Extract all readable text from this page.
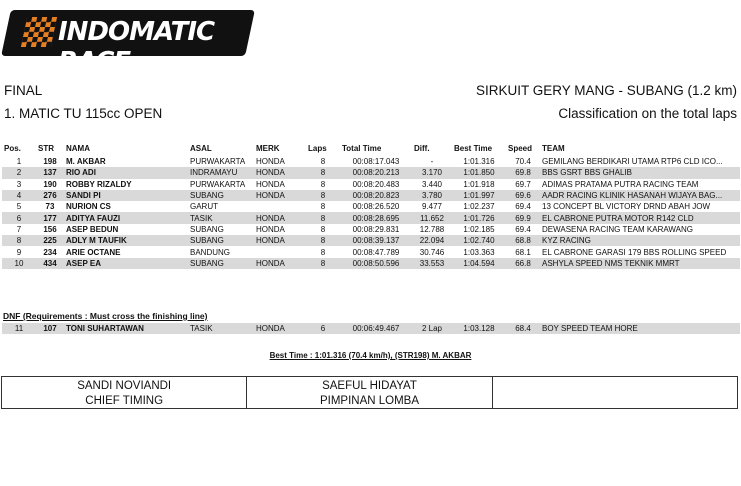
INDOMATIC RACE
FINAL
1. MATIC TU 115cc OPEN
SIRKUIT GERY MANG - SUBANG (1.2 km)
Classification on the total laps
Pos.	STR	NAMA	ASAL	MERK	Laps	Total Time	Diff.	Best Time	Speed	TEAM
1	198	M. AKBAR	PURWAKARTA	HONDA	8	00:08:17.043	-	1:01.316	70.4	GEMILANG BERDIKARI UTAMA RTP6 CLD ICO...
2	137	RIO ADI	INDRAMAYU	HONDA	8	00:08:20.213	3.170	1:01.850	69.8	BBS GSRT BBS GHALIB
3	190	ROBBY RIZALDY	PURWAKARTA	HONDA	8	00:08:20.483	3.440	1:01.918	69.7	ADIMAS PRATAMA PUTRA RACING TEAM
4	276	SANDI PI	SUBANG	HONDA	8	00:08:20.823	3.780	1:01.997	69.6	AADR RACING KLINIK HASANAH WIJAYA BAG...
5	73	NURION CS	GARUT		8	00:08:26.520	9.477	1:02.237	69.4	13 CONCEPT BL VICTORY DRND ABAH JOW
6	177	ADITYA FAUZI	TASIK	HONDA	8	00:08:28.695	11.652	1:01.726	69.9	EL CABRONE PUTRA MOTOR R142 CLD
7	156	ASEP BEDUN	SUBANG	HONDA	8	00:08:29.831	12.788	1:02.185	69.4	DEWASENA RACING TEAM KARAWANG
8	225	ADLY M TAUFIK	SUBANG	HONDA	8	00:08:39.137	22.094	1:02.740	68.8	KYZ RACING
9	234	ARIE OCTANE	BANDUNG		8	00:08:47.789	30.746	1:03.363	68.1	EL CABRONE GARASI 179 BBS ROLLING SPEED
10	434	ASEP EA	SUBANG	HONDA	8	00:08:50.596	33.553	1:04.594	66.8	ASHYLA SPEED NMS TEKNIK MMRT
DNF (Requirements : Must cross the finishing line)
11	107	TONI SUHARTAWAN	TASIK	HONDA	6	00:06:49.467	2 Lap	1:03.128	68.4	BOY SPEED TEAM HORE
Best Time : 1:01.316 (70.4 km/h), (STR198) M. AKBAR
SANDI NOVIANDI
CHIEF TIMING
SAEFUL HIDAYAT
PIMPINAN LOMBA
